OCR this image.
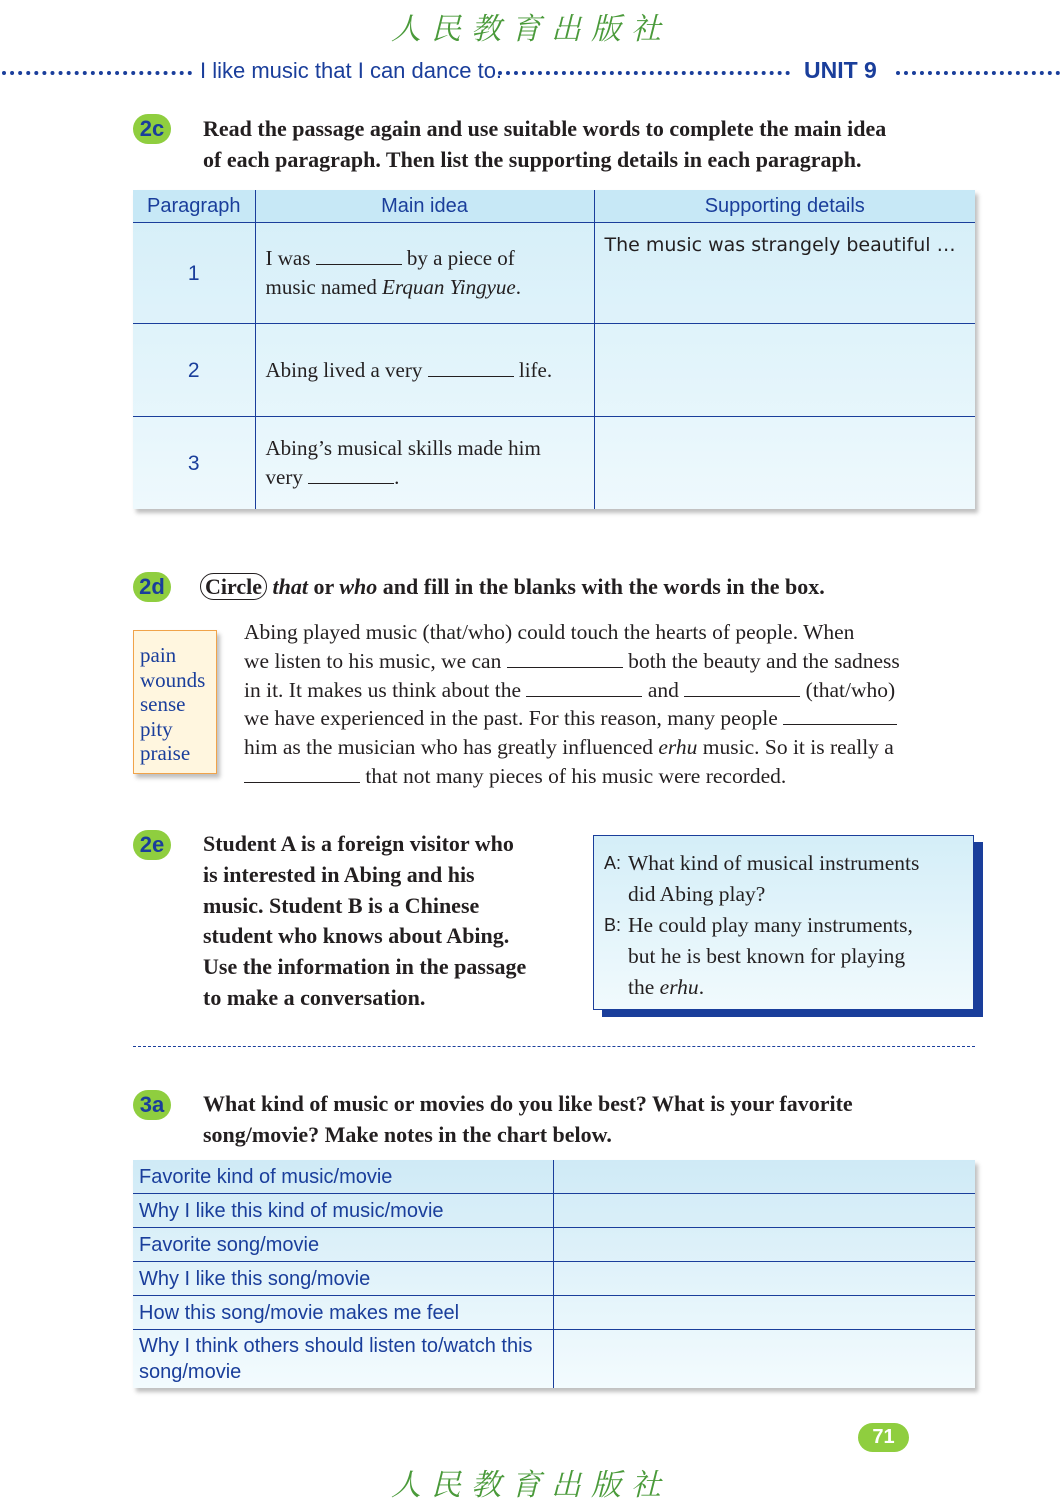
人民教育出版社
I like music that I can dance to.	UNIT 9
2c	Read the passage again and use suitable words to complete the main idea
of each paragraph. Then list the supporting details in each paragraph.
Paragraph	Main idea	Supporting details
1	I was by a piece of
music named Erquan Yingyue.	The music was strangely beautiful …
2	Abing lived a very life.	
3	Abing’s musical skills made him
very .	
2d Circle that or who and fill in the blanks with the words in the box.
pain
wounds
sense
pity
praise
Abing played music (that/who) could touch the hearts of people. When
we listen to his music, we can	both the beauty and the sadness
in it. It makes us think about the	and	(that/who)
we have experienced in the past. For this reason, many people
him as the musician who has greatly influenced erhu music. So it is really a
that not many pieces of his music were recorded.
2e	Student A is a foreign visitor who
is interested in Abing and his
music. Student B is a Chinese
student who knows about Abing.
Use the information in the passage
to make a conversation.
A: What kind of musical instruments
did Abing play?
B: He could play many instruments,
but he is best known for playing
the erhu.
3a	What kind of music or movies do you like best? What is your favorite
song/movie? Make notes in the chart below.
Favorite kind of music/movie	
Why I like this kind of music/movie	
Favorite song/movie	
Why I like this song/movie	
How this song/movie makes me feel	

Why I think others should listen to/watch this
song/movie	

71
人民教育出版社
